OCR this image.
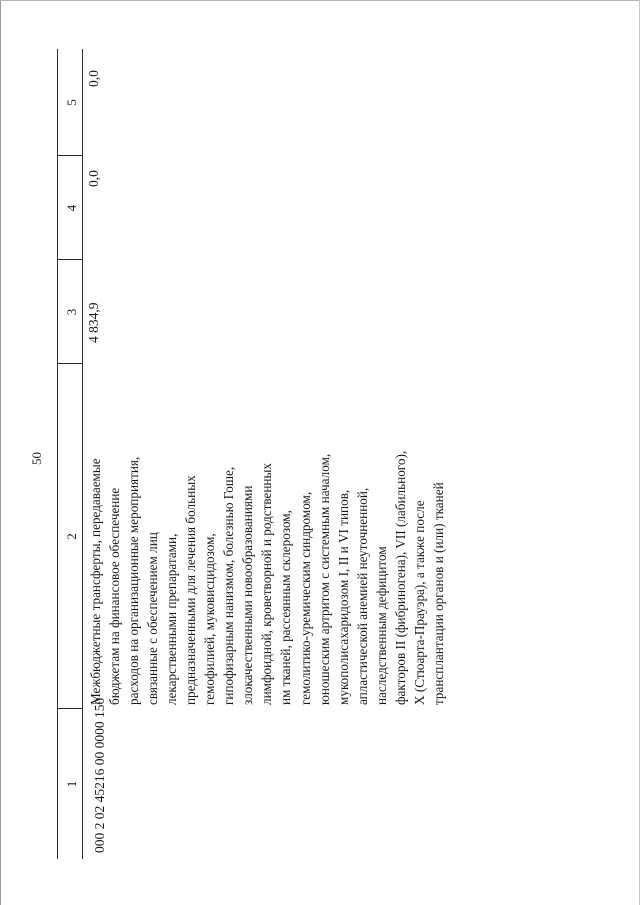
50
1
2
3
4
5
000 2 02 45216 00 0000 150
Межбюджетные трансферты, передаваемые бюджетам на финансовое обеспечение расходов на организационные мероприятия, связанные с обеспечением лиц лекарственными препаратами, предназначенными для лечения больных гемофилией, муковисцидозом, гипофизарным нанизмом, болезнью Гоше, злокачественными новообразованиями лимфоидной, кроветворной и родственных им тканей, рассеянным склерозом, гемолитико-уремическим синдромом, юношеским артритом с системным началом, мукополисахаридозом I, II и VI типов, апластической анемией неуточненной, наследственным дефицитом факторов II (фибриногена), VII (лабильного), X (Стюарта-Прауэра), а также после трансплантации органов и (или) тканей
4 834,9
0,0
0,0
